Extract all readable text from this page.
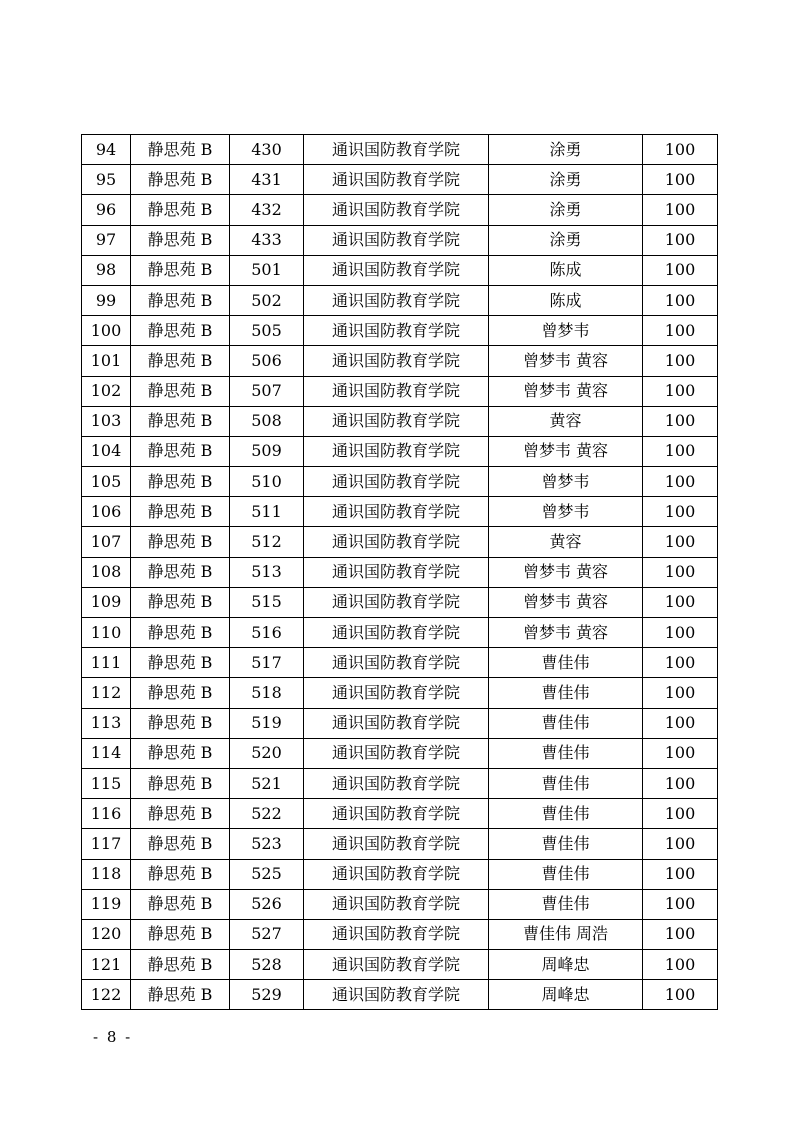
94	静思苑 B	430	通识国防教育学院	涂勇	100
95	静思苑 B	431	通识国防教育学院	涂勇	100
96	静思苑 B	432	通识国防教育学院	涂勇	100
97	静思苑 B	433	通识国防教育学院	涂勇	100
98	静思苑 B	501	通识国防教育学院	陈成	100
99	静思苑 B	502	通识国防教育学院	陈成	100
100	静思苑 B	505	通识国防教育学院	曾梦韦	100
101	静思苑 B	506	通识国防教育学院	曾梦韦 黄容	100
102	静思苑 B	507	通识国防教育学院	曾梦韦 黄容	100
103	静思苑 B	508	通识国防教育学院	黄容	100
104	静思苑 B	509	通识国防教育学院	曾梦韦 黄容	100
105	静思苑 B	510	通识国防教育学院	曾梦韦	100
106	静思苑 B	511	通识国防教育学院	曾梦韦	100
107	静思苑 B	512	通识国防教育学院	黄容	100
108	静思苑 B	513	通识国防教育学院	曾梦韦 黄容	100
109	静思苑 B	515	通识国防教育学院	曾梦韦 黄容	100
110	静思苑 B	516	通识国防教育学院	曾梦韦 黄容	100
111	静思苑 B	517	通识国防教育学院	曹佳伟	100
112	静思苑 B	518	通识国防教育学院	曹佳伟	100
113	静思苑 B	519	通识国防教育学院	曹佳伟	100
114	静思苑 B	520	通识国防教育学院	曹佳伟	100
115	静思苑 B	521	通识国防教育学院	曹佳伟	100
116	静思苑 B	522	通识国防教育学院	曹佳伟	100
117	静思苑 B	523	通识国防教育学院	曹佳伟	100
118	静思苑 B	525	通识国防教育学院	曹佳伟	100
119	静思苑 B	526	通识国防教育学院	曹佳伟	100
120	静思苑 B	527	通识国防教育学院	曹佳伟 周浩	100
121	静思苑 B	528	通识国防教育学院	周峰忠	100
122	静思苑 B	529	通识国防教育学院	周峰忠	100
- 8 -
